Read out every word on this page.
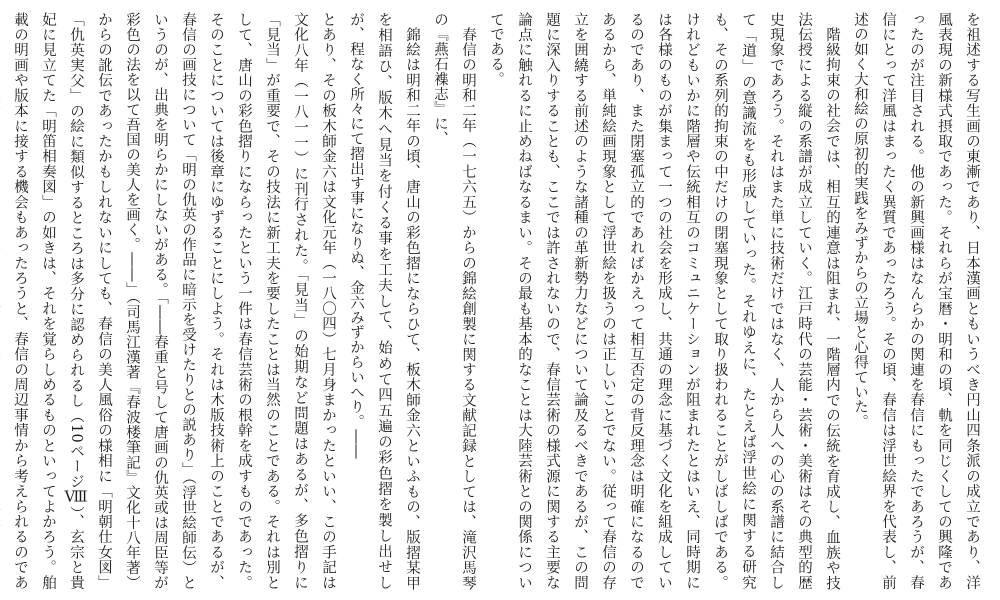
を祖述する写生画の東漸であり、日本漢画ともいうべき円山四条派の成立であり、洋風表現の新様式摂取であった。それらが宝暦・明和の頃、軌を同じくしての興隆であったのが注目される。他の新興画様はなんらかの関連を春信にもったであろうが、春信にとって洋風はまったく異質であったろう。その頃、春信は浮世絵界を代表し、前述の如く大和絵の原初的実践をみずからの立場と心得ていた。

階級拘束の社会では、相互的連意は阻まれ、一階層内での伝統を育成し、血族や技法伝授による縦の系譜が成立していく。江戸時代の芸能・芸術・美術はその典型的歴史現象であろう。それはまた単に技術だけではなく、人から人への心の系譜に結合して「道」の意識流をも形成していった。それゆえに、たとえば浮世絵に関する研究も、その系列的拘束の中だけの閉塞現象として取り扱われることがしばしばである。けれどもいかに階層や伝統相互のコミュニケーションが阻まれたとはいえ、同時期には各様のものが集まって一つの社会を形成し、共通の理念に基づく文化を組成しているのであり、また閉塞孤立的であればかえって相互否定の背反理念は明確になるのであるから、単純絵画現象として浮世絵を扱うのは正しいことでない。従って春信の存立を囲繞する前述のような諸種の革新勢力などについて論及るべきであるが、この問題に深入りすることも、ここでは許されないので、春信芸術の様式源に関する主要な論点に触れるに止めねばなるまい。その最も基本的なことは大陸芸術との関係についてである。

春信の明和二年（一七六五）からの錦絵創製に関する文献記録としては、滝沢馬琴の『燕石襍志』に、

錦絵は明和二年の頃、唐山の彩色摺にならひて、板木師金六といふもの、版摺某甲を相語ひ、版木へ見当を付くる事を工夫して、始めて四五遍の彩色摺を製し出せしが、程なく所々にて摺出す事になりぬ、金六みずからいへり。――

とあり、その板木師金六は文化元年（一八〇四）七月身まかったといい、この手記は文化八年（一八一一）に刊行された。「見当」の始期など問題はあるが、多色摺りに「見当」が重要で、その技法に新工夫を要したことは当然のことである。それは別として、唐山の彩色摺りにならったという一件は春信芸術の根幹を成すものであった。そのことについては後章にゆずることにしよう。それは木版技術上のことであるが、春信の画技について「明の仇英の作品に暗示を受けたりとの説あり」（浮世絵師伝）というのが、出典を明らかにしないがある。「――春重と号して唐画の仇英或は周臣等が彩色の法を以て吾国の美人を画く。――」（司馬江漢著『春波楼筆記』文化十八年著）からの訛伝であったかもしれないにしても、春信の美人風俗の様相に「明朝仕女図」「仇英実父」の絵に類似するところは多分に認められるし（10ページⅧ）、玄宗と貴妃に見立てた「明笛相奏図」の如きは、それを覚らしめるものといってよかろう。舶載の明画や版本に接する機会もあったろうと、春信の周辺事情から考えられるのであ
